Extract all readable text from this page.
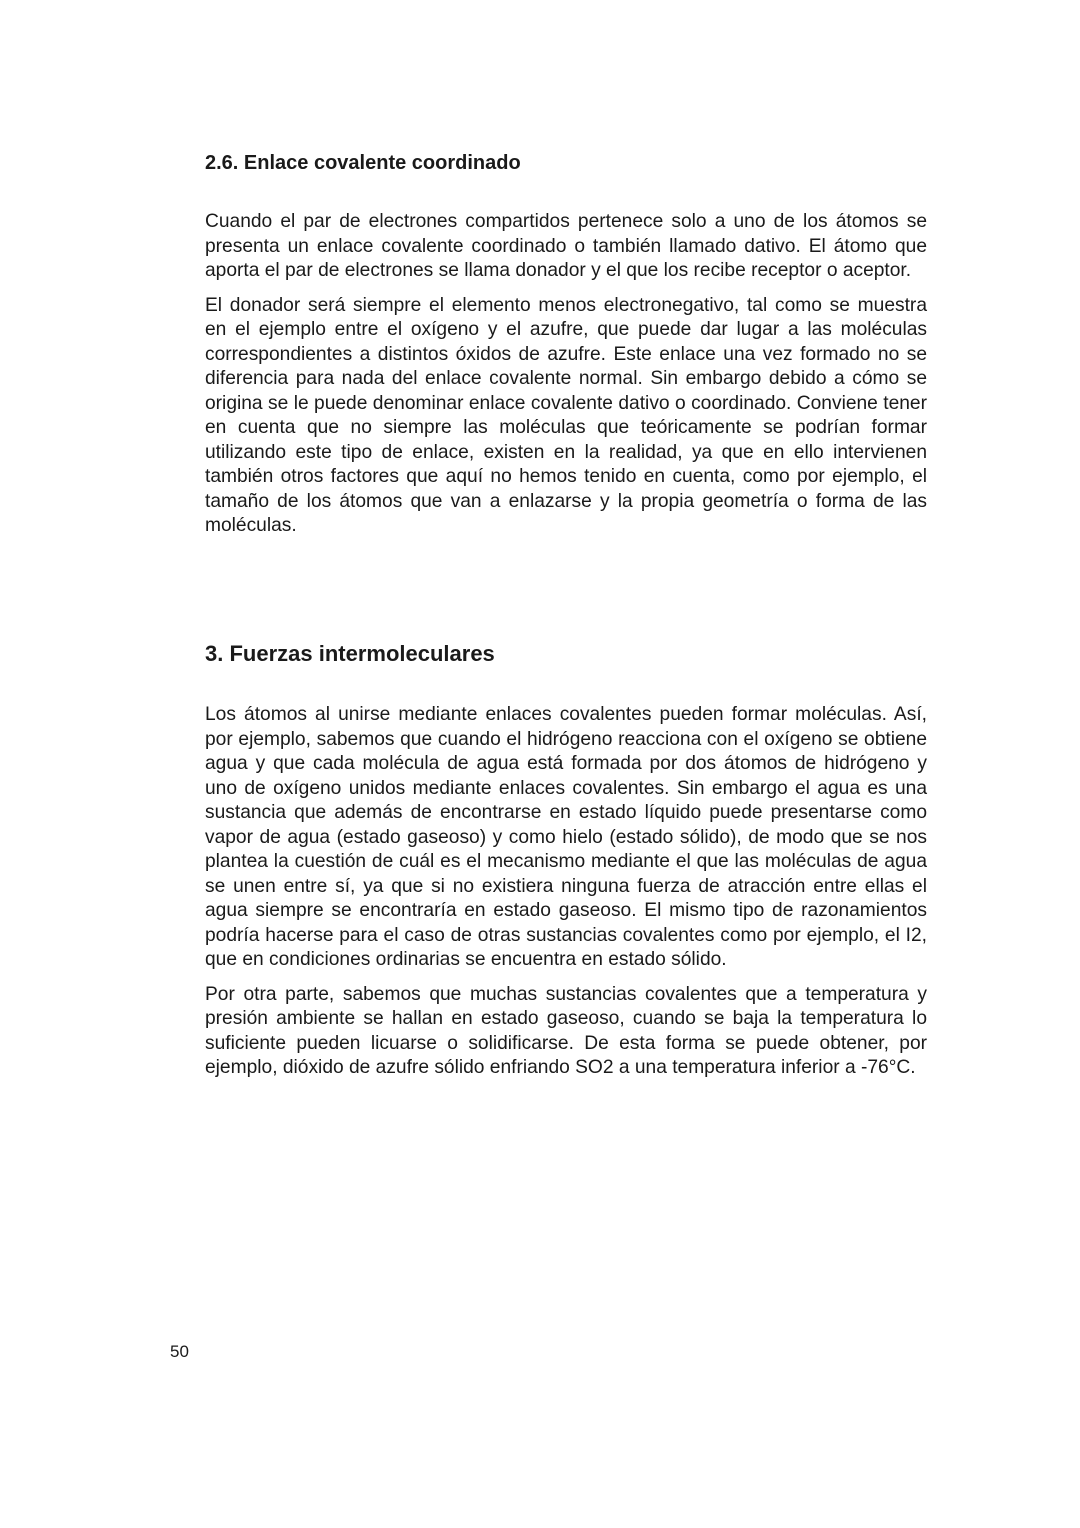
2.6. Enlace covalente coordinado

Cuando el par de electrones compartidos pertenece solo a uno de los átomos se presenta un enlace covalente coordinado o también llamado dativo. El átomo que aporta el par de electrones se llama donador y el que los recibe receptor o aceptor.

El donador será siempre el elemento menos electronegativo, tal como se muestra en el ejemplo entre el oxígeno y el azufre, que puede dar lugar a las moléculas correspondientes a distintos óxidos de azufre. Este enlace una vez formado no se diferencia para nada del enlace covalente normal. Sin embargo debido a cómo se origina se le puede denominar enlace covalente dativo o coordinado. Conviene tener en cuenta que no siempre las moléculas que teóricamente se podrían formar utilizando este tipo de enlace, existen en la realidad, ya que en ello intervienen también otros factores que aquí no hemos tenido en cuenta, como por ejemplo, el tamaño de los átomos que van a enlazarse y la propia geometría o forma de las moléculas.

3. Fuerzas intermoleculares

Los átomos al unirse mediante enlaces covalentes pueden formar moléculas. Así, por ejemplo, sabemos que cuando el hidrógeno reacciona con el oxígeno se obtiene agua y que cada molécula de agua está formada por dos átomos de hidrógeno y uno de oxígeno unidos mediante enlaces covalentes. Sin embargo el agua es una sustancia que además de encontrarse en estado líquido puede presentarse como vapor de agua (estado gaseoso) y como hielo (estado sólido), de modo que se nos plantea la cuestión de cuál es el mecanismo mediante el que las moléculas de agua se unen entre sí, ya que si no existiera ninguna fuerza de atracción entre ellas el agua siempre se encontraría en estado gaseoso. El mismo tipo de razonamientos podría hacerse para el caso de otras sustancias covalentes como por ejemplo, el I2, que en condiciones ordinarias se encuentra en estado sólido.

Por otra parte, sabemos que muchas sustancias covalentes que a temperatura y presión ambiente se hallan en estado gaseoso, cuando se baja la temperatura lo suficiente pueden licuarse o solidificarse. De esta forma se puede obtener, por ejemplo, dióxido de azufre sólido enfriando SO2 a una temperatura inferior a -76°C.

50
